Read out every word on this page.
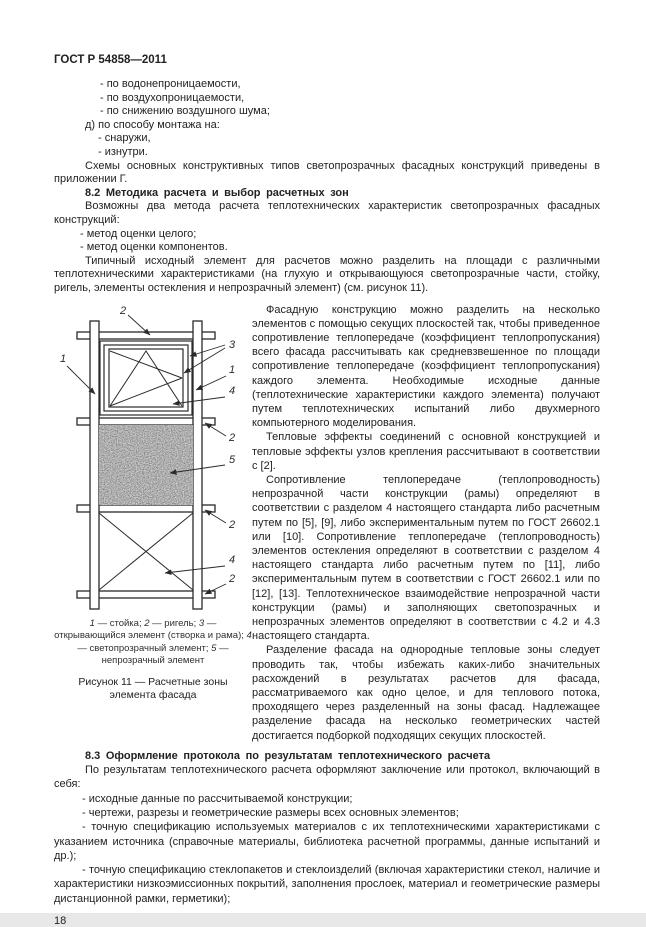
ГОСТ Р 54858—2011

- по водонепроницаемости,

- по воздухопроницаемости,

- по снижению воздушного шума;

д) по способу монтажа на:

- снаружи,

- изнутри.

Схемы основных конструктивных типов светопрозрачных фасадных конструкций приведены в приложении Г.

8.2 Методика расчета и выбор расчетных зон

Возможны два метода расчета теплотехнических характеристик светопрозрачных фасадных конструкций:

- метод оценки целого;

- метод оценки компонентов.

Типичный исходный элемент для расчетов можно разделить на площади с различными теплотехническими характеристиками (на глухую и открывающуюся светопрозрачные части, стойку, ригель, элементы остекления и непрозрачный элемент) (см. рисунок 11).

2
3
1
1
4
2
5
2
4
2

1 — стойка; 2 — ригель; 3 — открывающийся элемент (створка и рама); 4 — светопрозрачный элемент; 5 — непрозрачный элемент

Рисунок 11 — Расчетные зоны элемента фасада

Фасадную конструкцию можно разделить на несколько элементов с помощью секущих плоскостей так, чтобы приведенное сопротивление теплопередаче (коэффициент теплопропускания) всего фасада рассчитывать как средневзвешенное по площади сопротивление теплопередаче (коэффициент теплопропускания) каждого элемента. Необходимые исходные данные (теплотехнические характеристики каждого элемента) получают путем теплотехнических испытаний либо двухмерного компьютерного моделирования.

Тепловые эффекты соединений с основной конструкцией и тепловые эффекты узлов крепления рассчитывают в соответствии с [2].

Сопротивление теплопередаче (теплопроводность) непрозрачной части конструкции (рамы) определяют в соответствии с разделом 4 настоящего стандарта либо расчетным путем по [5], [9], либо экспериментальным путем по ГОСТ 26602.1 или [10]. Сопротивление теплопередаче (теплопроводность) элементов остекления определяют в соответствии с разделом 4 настоящего стандарта либо расчетным путем по [11], либо экспериментальным путем в соответствии с ГОСТ 26602.1 или по [12], [13]. Теплотехническое взаимодействие непрозрачной части конструкции (рамы) и заполняющих светопозрачных и непрозрачных элементов определяют в соответствии с 4.2 и 4.3 настоящего стандарта.

Разделение фасада на однородные тепловые зоны следует проводить так, чтобы избежать каких-либо значительных расхождений в результатах расчетов для фасада, рассматриваемого как одно целое, и для теплового потока, проходящего через разделенный на зоны фасад. Надлежащее разделение фасада на несколько геометрических частей достигается подборкой подходящих секущих плоскостей.

8.3 Оформление протокола по результатам теплотехнического расчета

По результатам теплотехнического расчета оформляют заключение или протокол, включающий в себя:

- исходные данные по рассчитываемой конструкции;

- чертежи, разрезы и геометрические размеры всех основных элементов;

- точную спецификацию используемых материалов с их теплотехническими характеристиками с указанием источника (справочные материалы, библиотека расчетной программы, данные испытаний и др.);

- точную спецификацию стеклопакетов и стеклоизделий (включая характеристики стекол, наличие и характеристики низкоэмиссионных покрытий, заполнения прослоек, материал и геометрические размеры дистанционной рамки, герметики);

18
